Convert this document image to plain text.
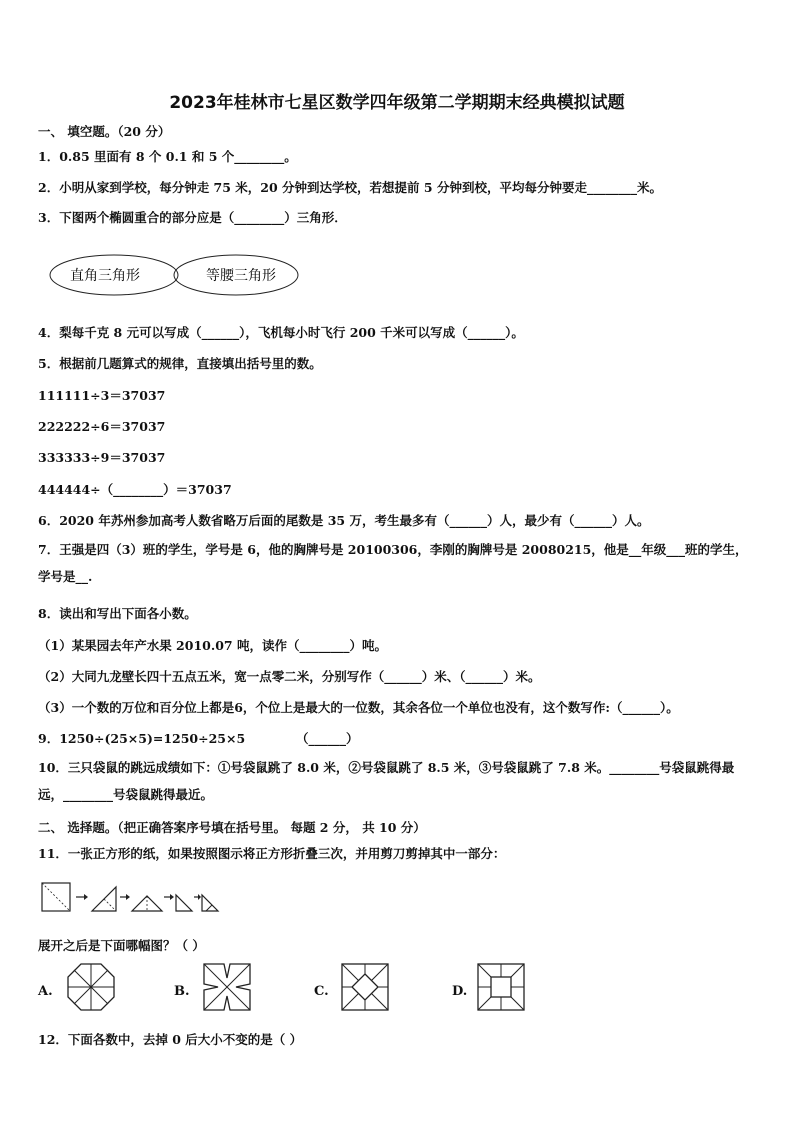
2023年桂林市七星区数学四年级第二学期期末经典模拟试题
一、 填空题。（20 分）
1．0.85 里面有 8 个 0.1 和 5 个________。
2．小明从家到学校，每分钟走 75 米，20 分钟到达学校，若想提前 5 分钟到校，平均每分钟要走________米。
3．下图两个椭圆重合的部分应是（________）三角形．
直角三角形	等腰三角形
4．梨每千克 8 元可以写成（______），飞机每小时飞行 200 千米可以写成（______）。
5．根据前几题算式的规律，直接填出括号里的数。
111111÷3＝37037
222222÷6＝37037
333333÷9＝37037
444444÷（________）＝37037
6．2020 年苏州参加高考人数省略万后面的尾数是 35 万，考生最多有（______）人，最少有（______）人。
7．王强是四（3）班的学生，学号是 6，他的胸牌号是 20100306，李刚的胸牌号是 20080215，他是__年级___班的学生，学号是__.
8．读出和写出下面各小数。
（1）某果园去年产水果 2010.07 吨，读作（________）吨。
（2）大同九龙壁长四十五点五米，宽一点零二米，分别写作（______）米、（______）米。
（3）一个数的万位和百分位上都是6，个位上是最大的一位数，其余各位一个单位也没有，这个数写作:（______）。
9．1250÷(25×5)=1250÷25×5	（______）
10．三只袋鼠的跳远成绩如下：①号袋鼠跳了 8.0 米，②号袋鼠跳了 8.5 米，③号袋鼠跳了 7.8 米。________号袋鼠跳得最远，________号袋鼠跳得最近。
二、 选择题。（把正确答案序号填在括号里。 每题 2 分， 共 10 分）
11．一张正方形的纸，如果按照图示将正方形折叠三次，并用剪刀剪掉其中一部分：
展开之后是下面哪幅图？（ ）
A.	B.	C.	D.
12．下面各数中，去掉 0 后大小不变的是（ ）
